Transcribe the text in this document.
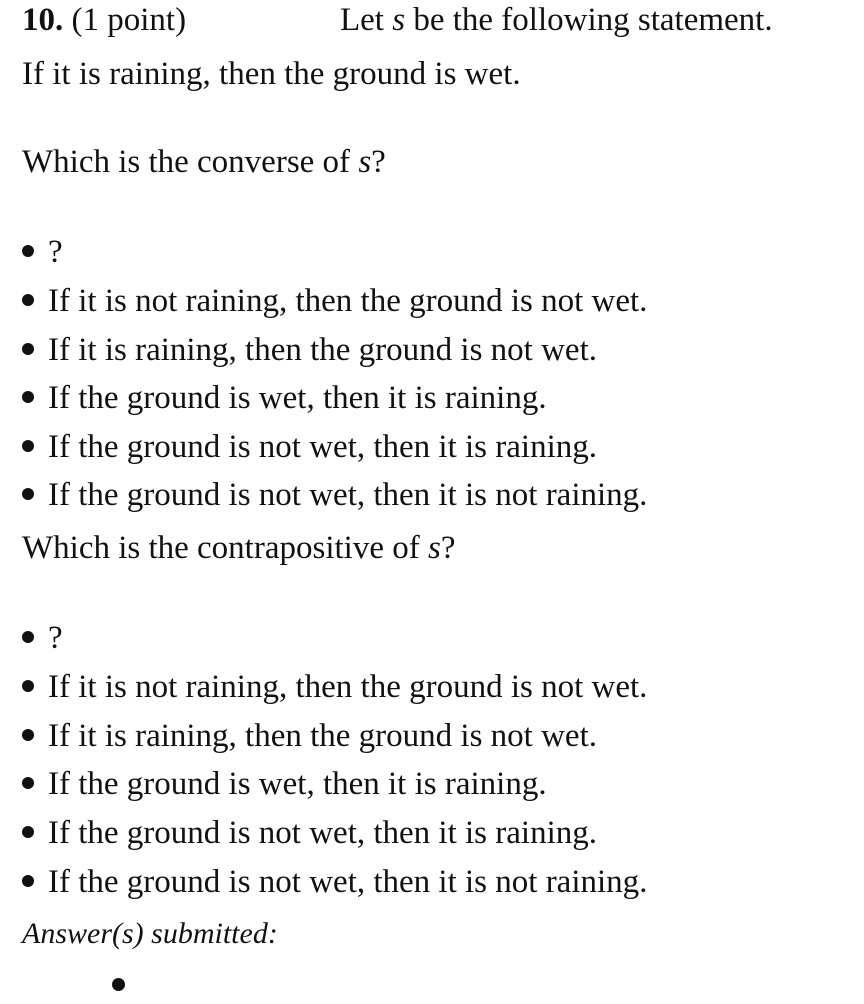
10. (1 point)	Let s be the following statement.
If it is raining, then the ground is wet.
Which is the converse of s?
?
If it is not raining, then the ground is not wet.
If it is raining, then the ground is not wet.
If the ground is wet, then it is raining.
If the ground is not wet, then it is raining.
If the ground is not wet, then it is not raining.
Which is the contrapositive of s?
?
If it is not raining, then the ground is not wet.
If it is raining, then the ground is not wet.
If the ground is wet, then it is raining.
If the ground is not wet, then it is raining.
If the ground is not wet, then it is not raining.
Answer(s) submitted:
